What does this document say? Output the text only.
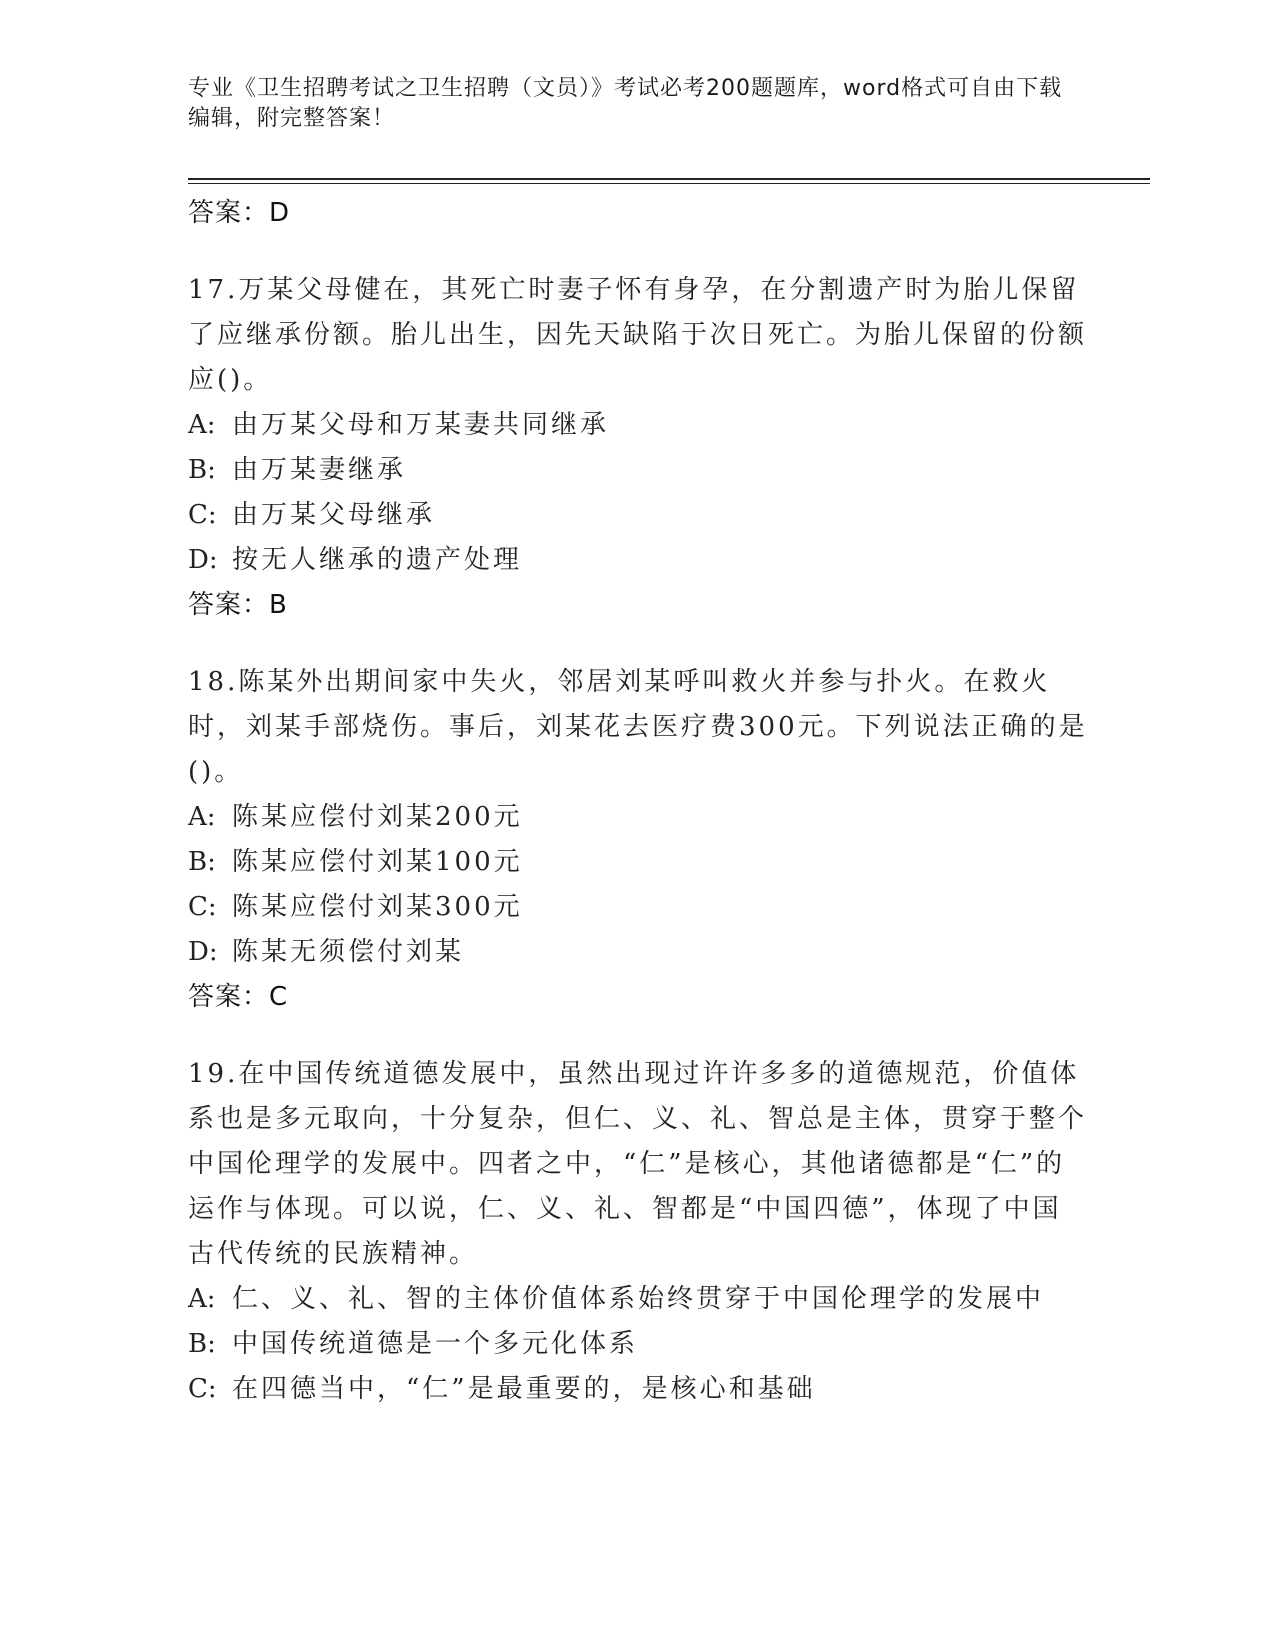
专业《卫生招聘考试之卫生招聘（文员）》考试必考200题题库，word格式可自由下载编辑，附完整答案！
答案：D
17.万某父母健在，其死亡时妻子怀有身孕，在分割遗产时为胎儿保留了应继承份额。胎儿出生，因先天缺陷于次日死亡。为胎儿保留的份额应()。
A: 由万某父母和万某妻共同继承
B: 由万某妻继承
C: 由万某父母继承
D: 按无人继承的遗产处理
答案：B
18.陈某外出期间家中失火，邻居刘某呼叫救火并参与扑火。在救火时，刘某手部烧伤。事后，刘某花去医疗费300元。下列说法正确的是()。
A: 陈某应偿付刘某200元
B: 陈某应偿付刘某100元
C: 陈某应偿付刘某300元
D: 陈某无须偿付刘某
答案：C
19.在中国传统道德发展中，虽然出现过许许多多的道德规范，价值体系也是多元取向，十分复杂，但仁、义、礼、智总是主体，贯穿于整个中国伦理学的发展中。四者之中，“仁”是核心，其他诸德都是“仁”的运作与体现。可以说，仁、义、礼、智都是“中国四德”，体现了中国古代传统的民族精神。
A: 仁、义、礼、智的主体价值体系始终贯穿于中国伦理学的发展中
B: 中国传统道德是一个多元化体系
C: 在四德当中，“仁”是最重要的，是核心和基础
